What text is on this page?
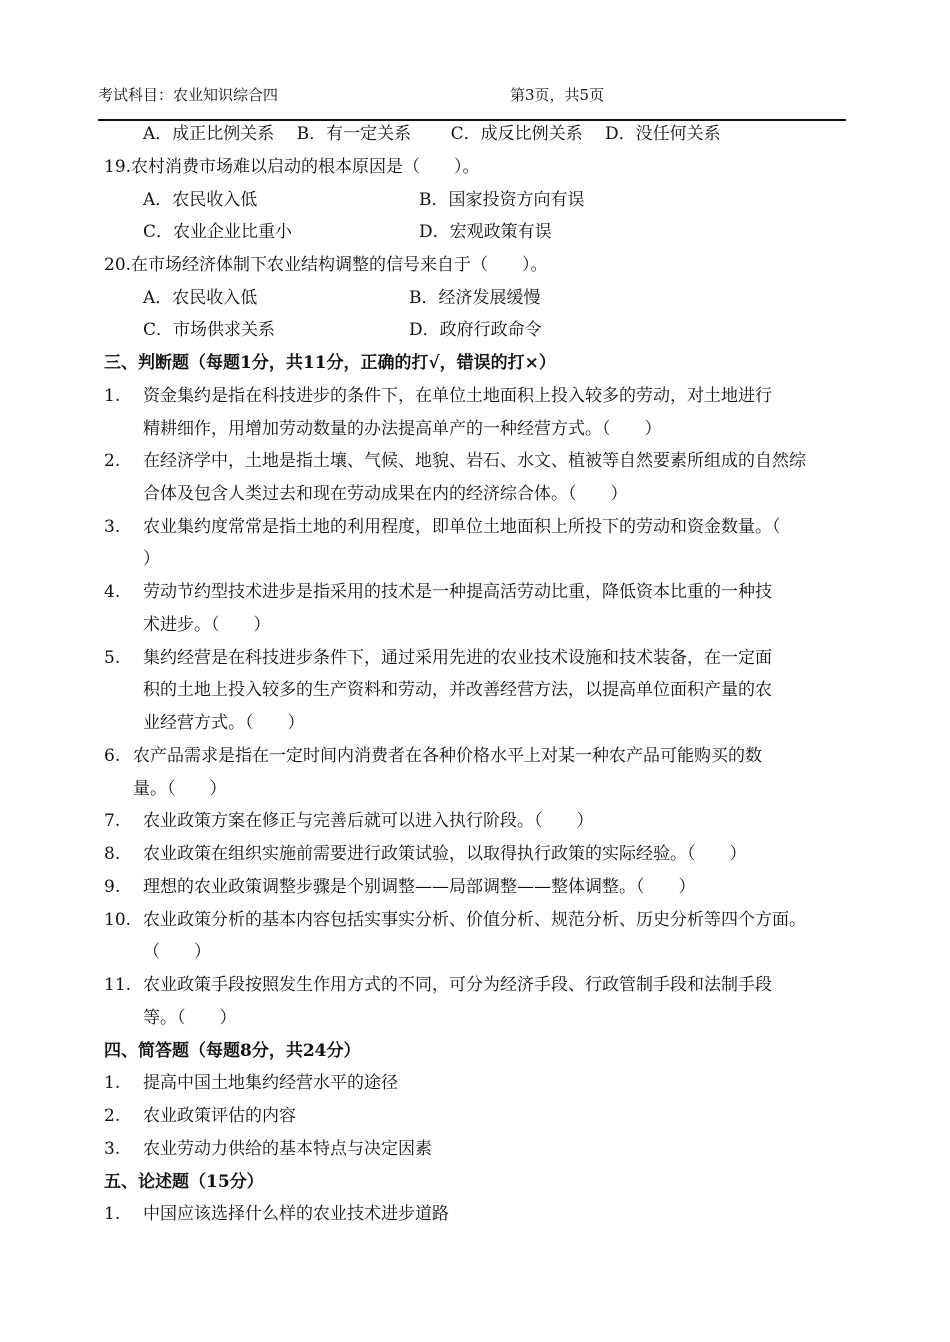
考试科目：农业知识综合四	第3页，共5页
A．成正比例关系　 B．有一定关系　　 C．成反比例关系　 D．没任何关系
19.农村消费市场难以启动的根本原因是（　　）。
A．农民收入低	B．国家投资方向有误
C．农业企业比重小	D．宏观政策有误
20.在市场经济体制下农业结构调整的信号来自于（　　）。
A．农民收入低	B．经济发展缓慢
C．市场供求关系	D．政府行政命令
三、判断题（每题1分，共11分，正确的打√，错误的打×）
1. 资金集约是指在科技进步的条件下，在单位土地面积上投入较多的劳动，对土地进行
精耕细作，用增加劳动数量的办法提高单产的一种经营方式。（　　）
2. 在经济学中，土地是指土壤、气候、地貌、岩石、水文、植被等自然要素所组成的自然综
合体及包含人类过去和现在劳动成果在内的经济综合体。（　　）
3. 农业集约度常常是指土地的利用程度，即单位土地面积上所投下的劳动和资金数量。（
）
4. 劳动节约型技术进步是指采用的技术是一种提高活劳动比重，降低资本比重的一种技
术进步。（　　）
5. 集约经营是在科技进步条件下，通过采用先进的农业技术设施和技术装备，在一定面
积的土地上投入较多的生产资料和劳动，并改善经营方法，以提高单位面积产量的农
业经营方式。（　　）
6. 农产品需求是指在一定时间内消费者在各种价格水平上对某一种农产品可能购买的数
量。（　　）
7. 农业政策方案在修正与完善后就可以进入执行阶段。（　　）
8. 农业政策在组织实施前需要进行政策试验，以取得执行政策的实际经验。（　　）
9. 理想的农业政策调整步骤是个别调整——局部调整——整体调整。（　　）
10. 农业政策分析的基本内容包括实事实分析、价值分析、规范分析、历史分析等四个方面。
（　　）
11. 农业政策手段按照发生作用方式的不同，可分为经济手段、行政管制手段和法制手段
等。（　　）
四、简答题（每题8分，共24分）
1. 提高中国土地集约经营水平的途径
2. 农业政策评估的内容
3. 农业劳动力供给的基本特点与决定因素
五、论述题（15分）
1. 中国应该选择什么样的农业技术进步道路
